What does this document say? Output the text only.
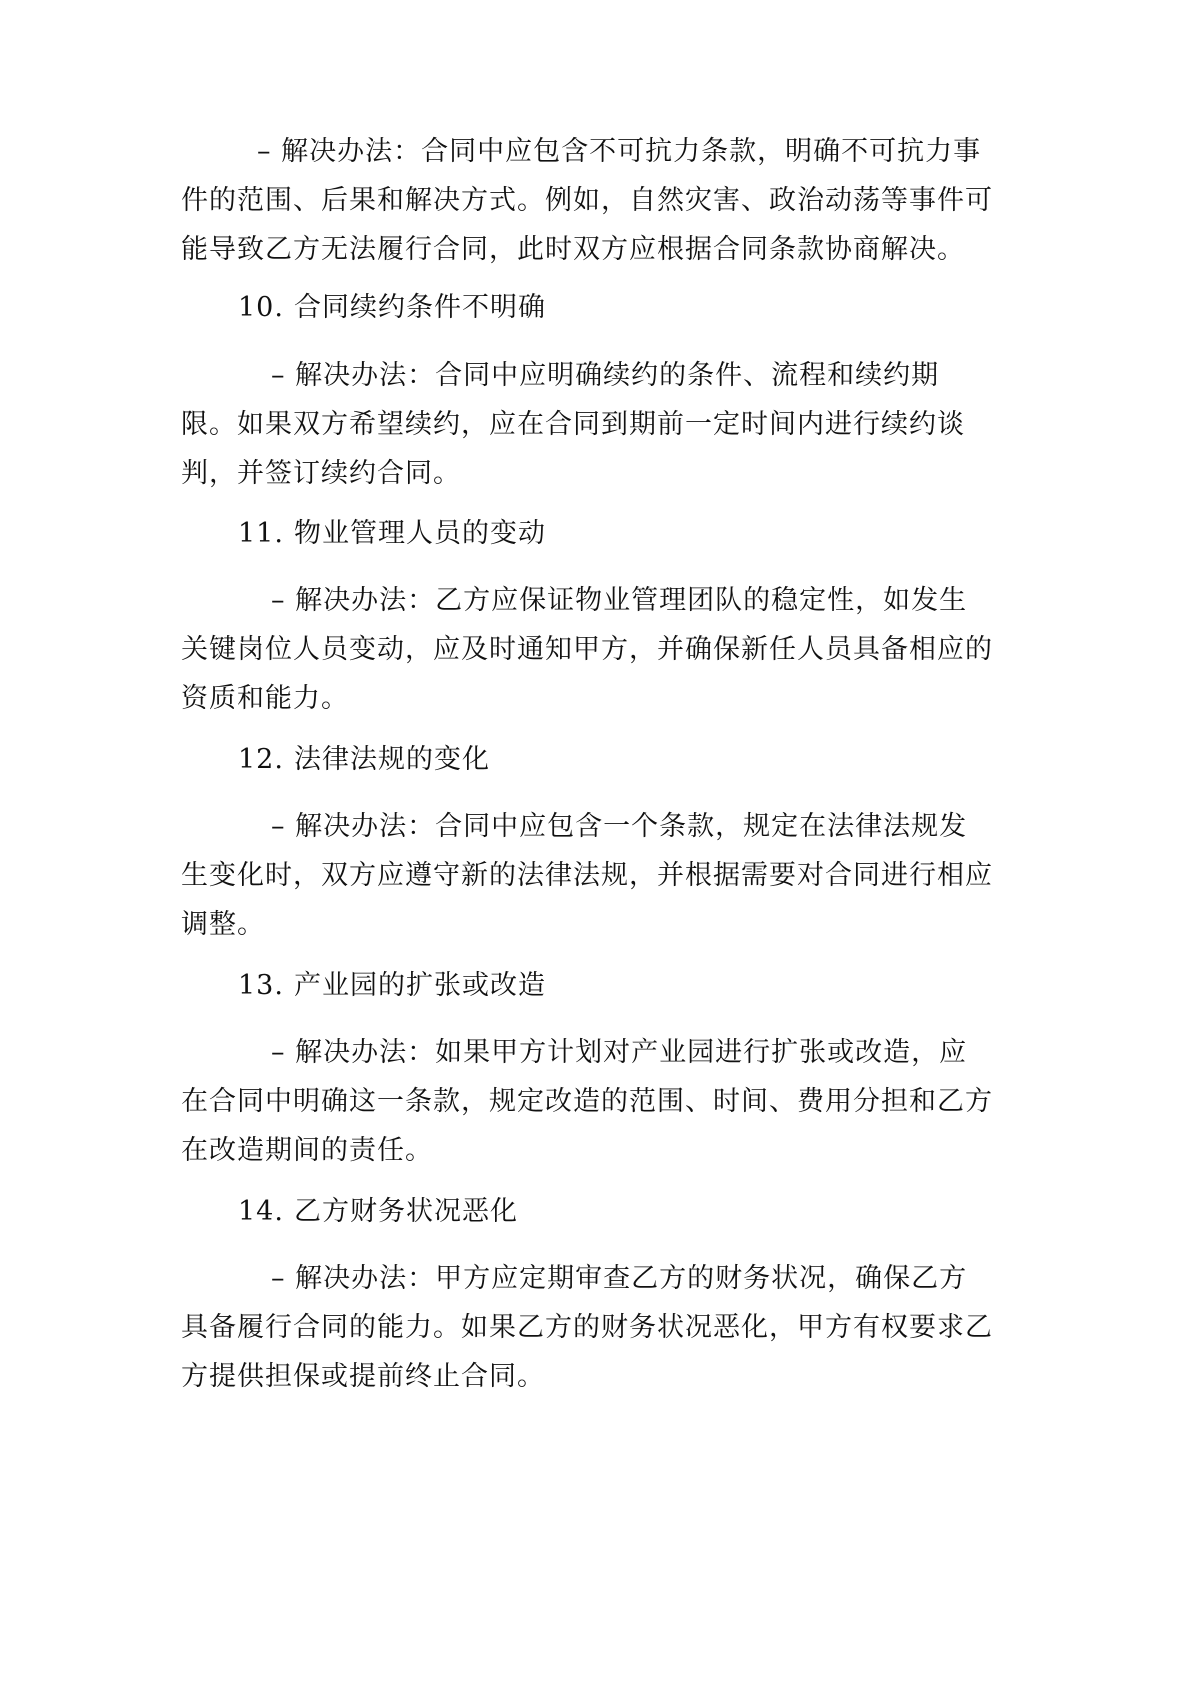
– 解决办法：合同中应包含不可抗力条款，明确不可抗力事
件的范围、后果和解决方式。例如，自然灾害、政治动荡等事件可
能导致乙方无法履行合同，此时双方应根据合同条款协商解决。
10. 合同续约条件不明确
– 解决办法：合同中应明确续约的条件、流程和续约期
限。如果双方希望续约，应在合同到期前一定时间内进行续约谈
判，并签订续约合同。
11. 物业管理人员的变动
– 解决办法：乙方应保证物业管理团队的稳定性，如发生
关键岗位人员变动，应及时通知甲方，并确保新任人员具备相应的
资质和能力。
12. 法律法规的变化
– 解决办法：合同中应包含一个条款，规定在法律法规发
生变化时，双方应遵守新的法律法规，并根据需要对合同进行相应
调整。
13. 产业园的扩张或改造
– 解决办法：如果甲方计划对产业园进行扩张或改造，应
在合同中明确这一条款，规定改造的范围、时间、费用分担和乙方
在改造期间的责任。
14. 乙方财务状况恶化
– 解决办法：甲方应定期审查乙方的财务状况，确保乙方
具备履行合同的能力。如果乙方的财务状况恶化，甲方有权要求乙
方提供担保或提前终止合同。
